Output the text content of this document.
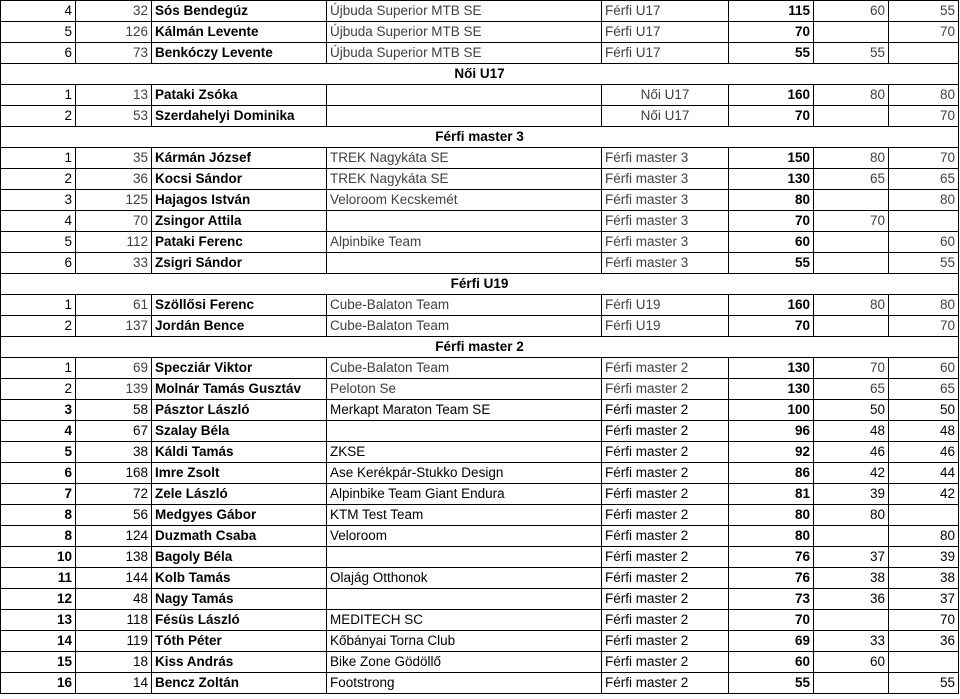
4	32	Sós Bendegúz	Újbuda Superior MTB SE	Férfi U17	115	60	55
5	126	Kálmán Levente	Újbuda Superior MTB SE	Férfi U17	70		70
6	73	Benkóczy Levente	Újbuda Superior MTB SE	Férfi U17	55	55	
Női U17							
1	13	Pataki Zsóka		Női U17	160	80	80
2	53	Szerdahelyi Dominika		Női U17	70		70
Férfi master 3							
1	35	Kármán József	TREK Nagykáta SE	Férfi master 3	150	80	70
2	36	Kocsi Sándor	TREK Nagykáta SE	Férfi master 3	130	65	65
3	125	Hajagos István	Veloroom Kecskemét	Férfi master 3	80		80
4	70	Zsingor Attila		Férfi master 3	70	70	
5	112	Pataki Ferenc	Alpinbike Team	Férfi master 3	60		60
6	33	Zsigri Sándor		Férfi master 3	55		55
Férfi U19							
1	61	Szöllősi Ferenc	Cube-Balaton Team	Férfi U19	160	80	80
2	137	Jordán Bence	Cube-Balaton Team	Férfi U19	70		70
Férfi master 2							
1	69	Specziár Viktor	Cube-Balaton Team	Férfi master 2	130	70	60
2	139	Molnár Tamás Gusztáv	Peloton Se	Férfi master 2	130	65	65
3	58	Pásztor László	Merkapt Maraton Team SE	Férfi master 2	100	50	50
4	67	Szalay Béla		Férfi master 2	96	48	48
5	38	Káldi Tamás	ZKSE	Férfi master 2	92	46	46
6	168	Imre Zsolt	Ase Kerékpár-Stukko Design	Férfi master 2	86	42	44
7	72	Zele László	Alpinbike Team Giant Endura	Férfi master 2	81	39	42
8	56	Medgyes Gábor	KTM Test Team	Férfi master 2	80	80	
8	124	Duzmath Csaba	Veloroom	Férfi master 2	80		80
10	138	Bagoly Béla		Férfi master 2	76	37	39
11	144	Kolb Tamás	Olajág Otthonok	Férfi master 2	76	38	38
12	48	Nagy Tamás		Férfi master 2	73	36	37
13	118	Fésüs László	MEDITECH SC	Férfi master 2	70		70
14	119	Tóth Péter	Kőbányai Torna Club	Férfi master 2	69	33	36
15	18	Kiss András	Bike Zone Gödöllő	Férfi master 2	60	60	
16	14	Bencz Zoltán	Footstrong	Férfi master 2	55		55
